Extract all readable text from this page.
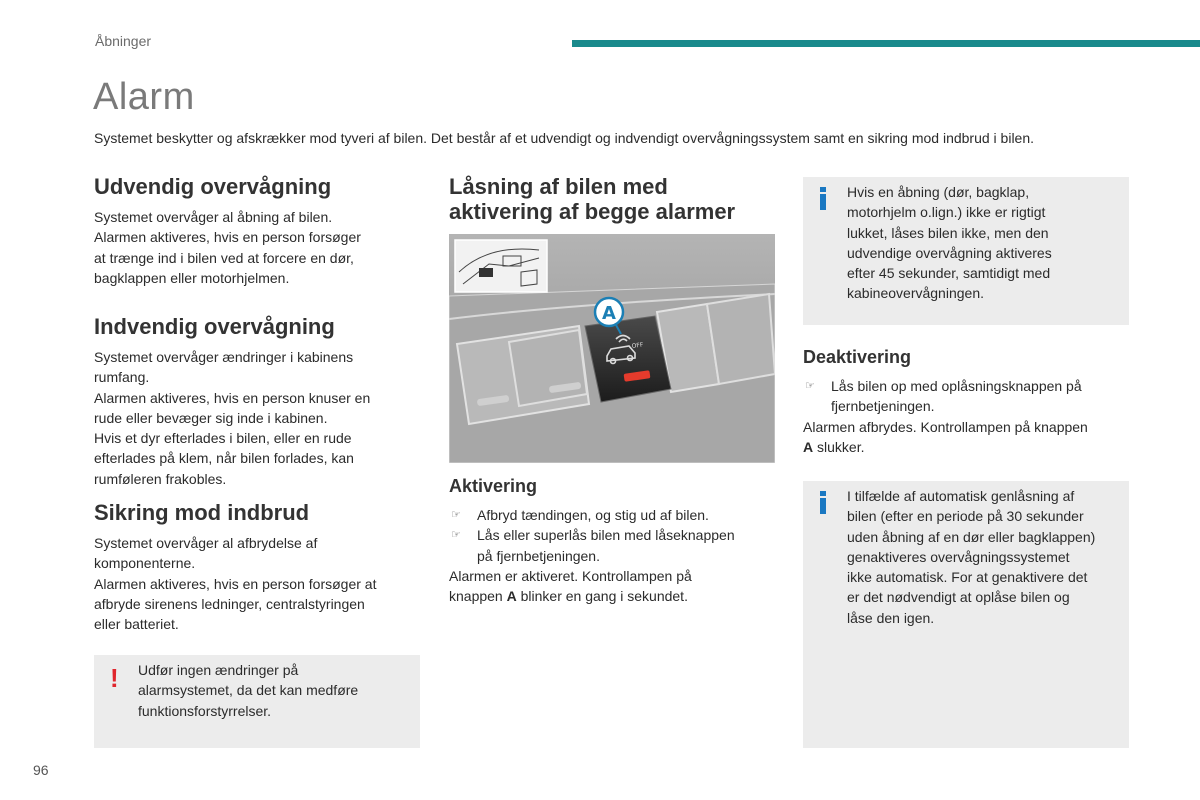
Åbninger
Alarm
Systemet beskytter og afskrækker mod tyveri af bilen. Det består af et udvendigt og indvendigt overvågningssystem samt en sikring mod indbrud i bilen.
Udvendig overvågning

Systemet overvåger al åbning af bilen.

Alarmen aktiveres, hvis en person forsøger

at trænge ind i bilen ved at forcere en dør,

bagklappen eller motorhjelmen.

Indvendig overvågning

Systemet overvåger ændringer i kabinens

rumfang.

Alarmen aktiveres, hvis en person knuser en

rude eller bevæger sig inde i kabinen.

Hvis et dyr efterlades i bilen, eller en rude

efterlades på klem, når bilen forlades, kan

rumføleren frakobles.

Sikring mod indbrud

Systemet overvåger al afbrydelse af

komponenterne.

Alarmen aktiveres, hvis en person forsøger at

afbryde sirenens ledninger, centralstyringen

eller batteriet.

! Udfør ingen ændringer på
alarmsystemet, da det kan medføre
funktionsforstyrrelser.
Låsning af bilen med
aktivering af begge alarmer
OFF
A
Aktivering
☞ Afbryd tændingen, og stig ud af bilen.
☞ Lås eller superlås bilen med låseknappen
på fjernbetjeningen.

Alarmen er aktiveret. Kontrollampen på

knappen A blinker en gang i sekundet.

Hvis en åbning (dør, bagklap,
motorhjelm o.lign.) ikke er rigtigt
lukket, låses bilen ikke, men den
udvendige overvågning aktiveres
efter 45 sekunder, samtidigt med
kabineovervågningen.
Deaktivering
☞ Lås bilen op med oplåsningsknappen på
fjernbetjeningen.

Alarmen afbrydes. Kontrollampen på knappen

A slukker.

I tilfælde af automatisk genlåsning af
bilen (efter en periode på 30 sekunder
uden åbning af en dør eller bagklappen)
genaktiveres overvågningssystemet
ikke automatisk. For at genaktivere det
er det nødvendigt at oplåse bilen og
låse den igen.
96
